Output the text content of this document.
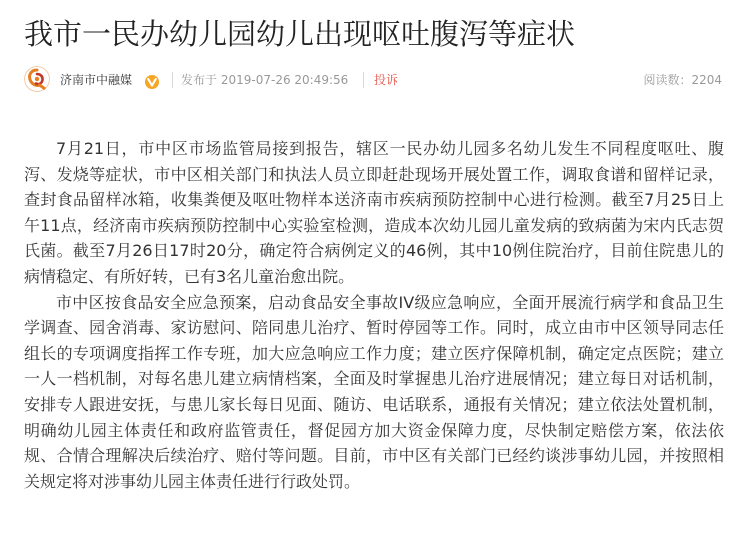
我市一民办幼儿园幼儿出现呕吐腹泻等症状
济南市中融媒	发布于 2019-07-26 20:49:56 投诉	阅读数：2204

7月21日，市中区市场监管局接到报告，辖区一民办幼儿园多名幼儿发生不同程度呕吐、腹泻、发烧等症状，市中区相关部门和执法人员立即赶赴现场开展处置工作，调取食谱和留样记录，查封食品留样冰箱，收集粪便及呕吐物样本送济南市疾病预防控制中心进行检测。截至7月25日上午11点，经济南市疾病预防控制中心实验室检测，造成本次幼儿园儿童发病的致病菌为宋内氏志贺氏菌。截至7月26日17时20分，确定符合病例定义的46例，其中10例住院治疗，目前住院患儿的病情稳定、有所好转，已有3名儿童治愈出院。

市中区按食品安全应急预案，启动食品安全事故IV级应急响应，全面开展流行病学和食品卫生学调查、园舍消毒、家访慰问、陪同患儿治疗、暂时停园等工作。同时，成立由市中区领导同志任组长的专项调度指挥工作专班，加大应急响应工作力度；建立医疗保障机制，确定定点医院；建立一人一档机制，对每名患儿建立病情档案，全面及时掌握患儿治疗进展情况；建立每日对话机制，安排专人跟进安抚，与患儿家长每日见面、随访、电话联系，通报有关情况；建立依法处置机制，明确幼儿园主体责任和政府监管责任，督促园方加大资金保障力度，尽快制定赔偿方案，依法依规、合情合理解决后续治疗、赔付等问题。目前，市中区有关部门已经约谈涉事幼儿园，并按照相关规定将对涉事幼儿园主体责任进行行政处罚。
